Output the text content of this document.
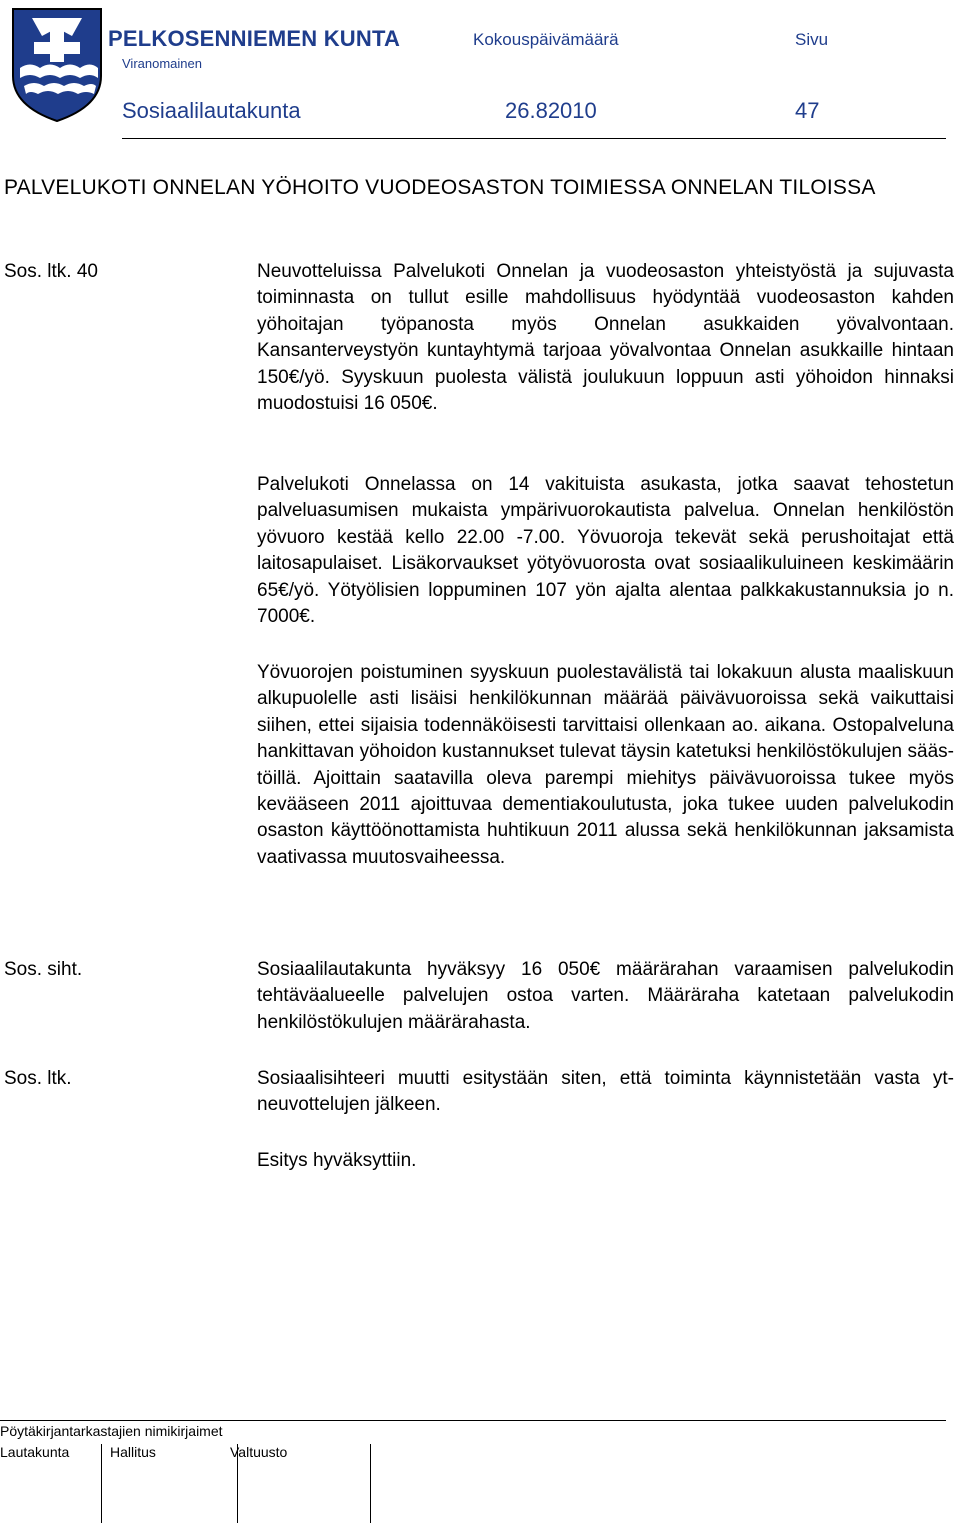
PELKOSENNIEMEN KUNTA	Kokouspäivämäärä	Sivu
Viranomainen
Sosiaalilautakunta	26.82010	47
PALVELUKOTI ONNELAN YÖHOITO VUODEOSASTON TOIMIESSA ONNELAN TILOISSA
Sos. ltk. 40	Neuvotteluissa Palvelukoti Onnelan ja vuodeosaston yhteistyöstä ja sujuvasta toiminnasta on tullut esille mahdollisuus hyödyntää vuodeosaston kahden yöhoitajan työpanosta myös Onnelan asukkaiden yövalvontaan. Kansanterveystyön kuntayhtymä tarjoaa yövalvontaa Onnelan asukkaille hintaan 150€/yö. Syyskuun puolesta välistä joulukuun loppuun asti yöhoidon hinnaksi muodostuisi 16 050€.
Palvelukoti Onnelassa on 14 vakituista asukasta, jotka saavat tehostetun palveluasumisen mukaista ympärivuorokautista palvelua. Onnelan henkilöstön yövuoro kestää kello 22.00 -7.00. Yövuoroja tekevät sekä perushoitajat että laitosapulaiset. Lisäkorvaukset yötyövuorosta ovat sosiaalikuluineen keskimäärin 65€/yö. Yötyölisien loppuminen 107 yön ajalta alentaa palkkakustannuksia jo n. 7000€.
Yövuorojen poistuminen syyskuun puolestavälistä tai lokakuun alusta maaliskuun alkupuolelle asti lisäisi henkilökunnan määrää päivävuoroissa sekä vaikuttaisi siihen, ettei sijaisia todennäköisesti tarvittaisi ollenkaan ao. aikana. Ostopalveluna hankittavan yöhoidon kustannukset tulevat täysin katetuksi henkilöstökulujen säästöillä. Ajoittain saatavilla oleva parempi miehitys päivävuoroissa tukee myös kevääseen 2011 ajoittuvaa dementiakoulutusta, joka tukee uuden palvelukodin osaston käyttöönottamista huhtikuun 2011 alussa sekä henkilökunnan jaksamista vaativassa muutosvaiheessa.
Sos. siht.	Sosiaalilautakunta hyväksyy 16 050€ määrärahan varaamisen palvelukodin tehtäväalueelle palvelujen ostoa varten. Määräraha katetaan palvelukodin henkilöstökulujen määrärahasta.
Sos. ltk.	Sosiaalisihteeri muutti esitystään siten, että toiminta käynnistetään vasta yt-neuvottelujen jälkeen.
Esitys hyväksyttiin.
Pöytäkirjantarkastajien nimikirjaimet
Lautakunta	Hallitus	Valtuusto
